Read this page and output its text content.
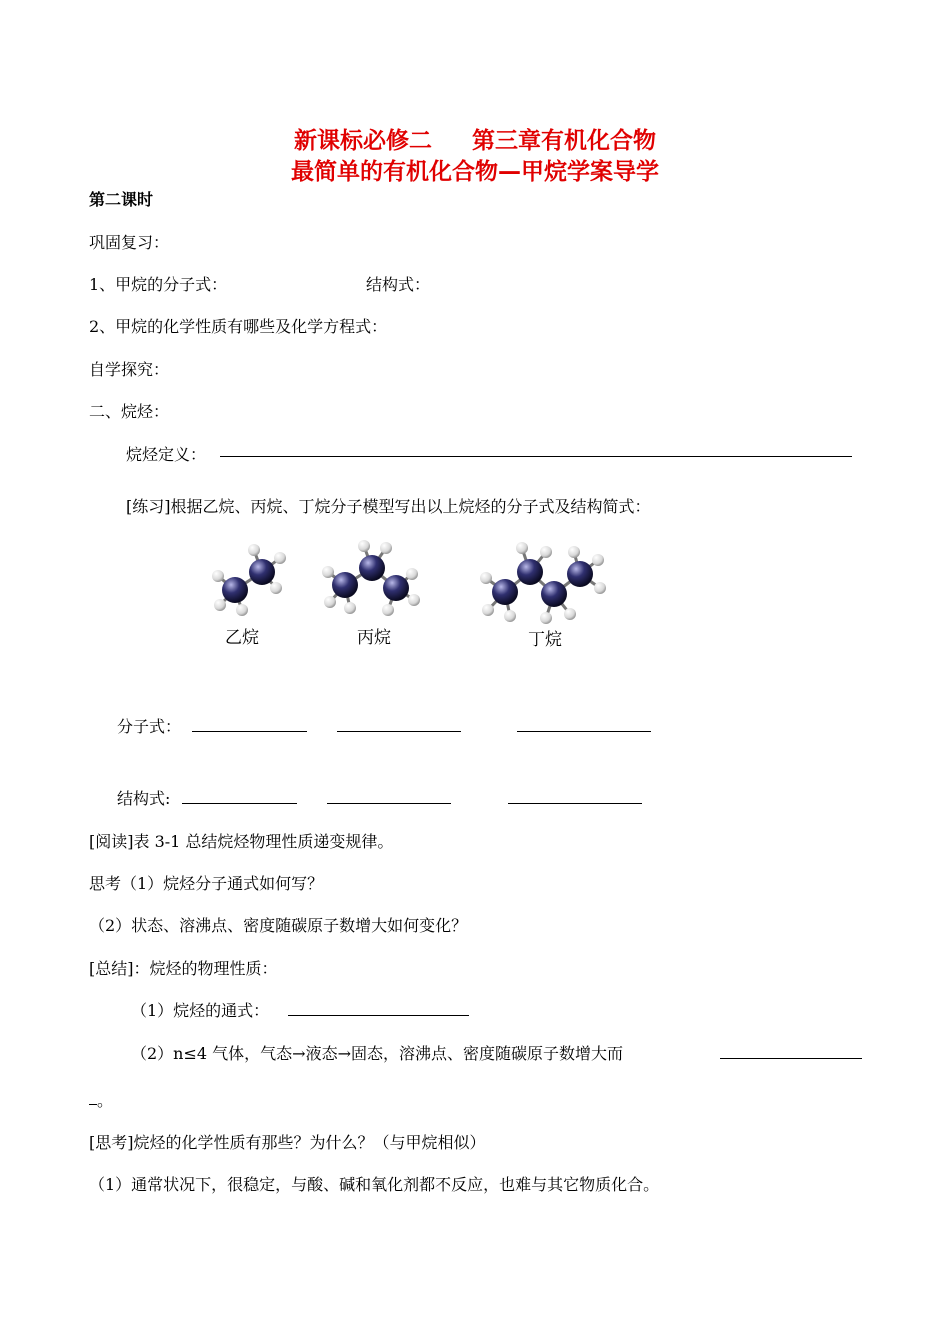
新课标必修二 第三章有机化合物
最简单的有机化合物—甲烷学案导学
第二课时
巩固复习：
1、甲烷的分子式：	结构式：
2、甲烷的化学性质有哪些及化学方程式：
自学探究：
二、烷烃：
烷烃定义：
[练习]根据乙烷、丙烷、丁烷分子模型写出以上烷烃的分子式及结构简式：
乙烷	丙烷	丁烷
分子式：
结构式:
[阅读]表 3-1 总结烷烃物理性质递变规律。
思考（1）烷烃分子通式如何写？
（2）状态、溶沸点、密度随碳原子数增大如何变化？
[总结]：烷烃的物理性质：
（1）烷烃的通式：
（2）n≤4 气体，气态→液态→固态，溶沸点、密度随碳原子数增大而
。
[思考]烷烃的化学性质有那些？为什么？（与甲烷相似）
（1）通常状况下，很稳定，与酸、碱和氧化剂都不反应，也难与其它物质化合。
